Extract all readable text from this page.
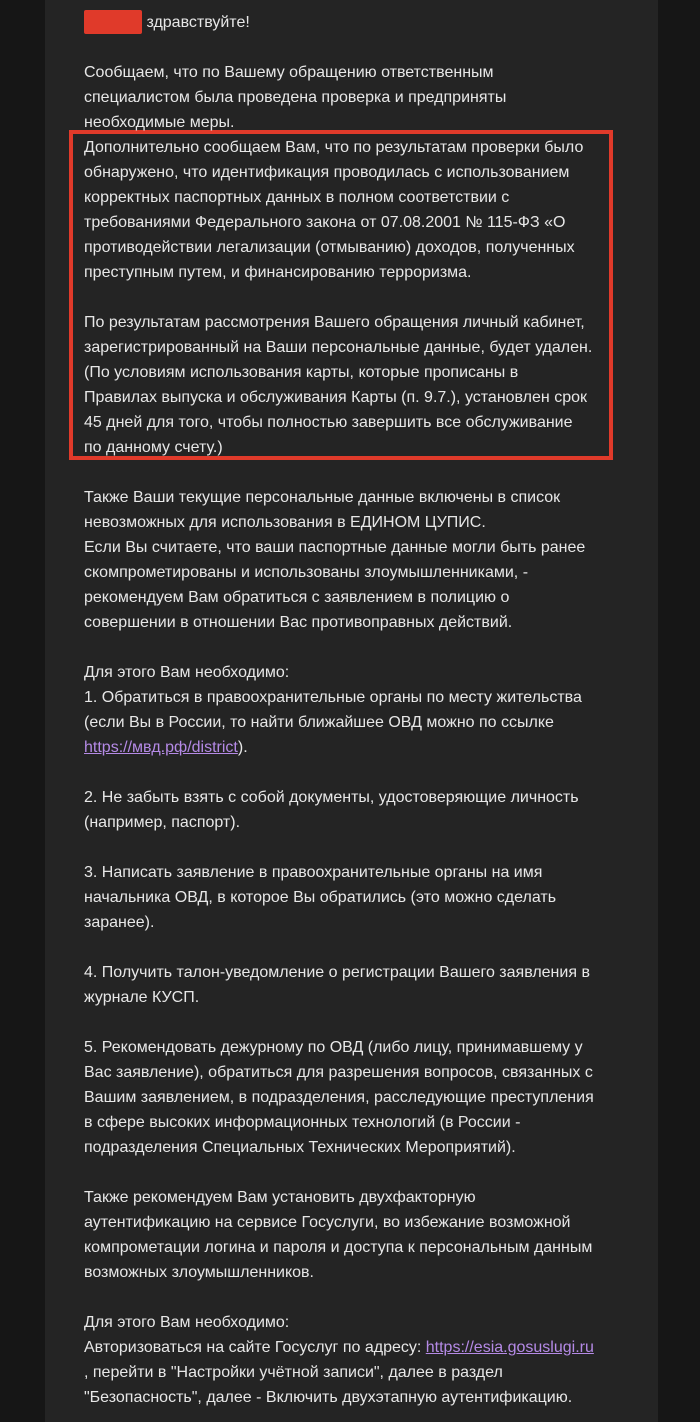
здравствуйте!
Сообщаем, что по Вашему обращению ответственным
специалистом была проведена проверка и предприняты
необходимые меры.
Дополнительно сообщаем Вам, что по результатам проверки было
обнаружено, что идентификация проводилась с использованием
корректных паспортных данных в полном соответствии с
требованиями Федерального закона от 07.08.2001 № 115-ФЗ «О
противодействии легализации (отмыванию) доходов, полученных
преступным путем, и финансированию терроризма.
По результатам рассмотрения Вашего обращения личный кабинет,
зарегистрированный на Ваши персональные данные, будет удален.
(По условиям использования карты, которые прописаны в
Правилах выпуска и обслуживания Карты (п. 9.7.), установлен срок
45 дней для того, чтобы полностью завершить все обслуживание
по данному счету.)
Также Ваши текущие персональные данные включены в список
невозможных для использования в ЕДИНОМ ЦУПИС.
Если Вы считаете, что ваши паспортные данные могли быть ранее
скомпрометированы и использованы злоумышленниками, -
рекомендуем Вам обратиться с заявлением в полицию о
совершении в отношении Вас противоправных действий.
Для этого Вам необходимо:
1. Обратиться в правоохранительные органы по месту жительства
(если Вы в России, то найти ближайшее ОВД можно по ссылке
https://мвд.рф/district).
2. Не забыть взять с собой документы, удостоверяющие личность
(например, паспорт).
3. Написать заявление в правоохранительные органы на имя
начальника ОВД, в которое Вы обратились (это можно сделать
заранее).
4. Получить талон-уведомление о регистрации Вашего заявления в
журнале КУСП.
5. Рекомендовать дежурному по ОВД (либо лицу, принимавшему у
Вас заявление), обратиться для разрешения вопросов, связанных с
Вашим заявлением, в подразделения, расследующие преступления
в сфере высоких информационных технологий (в России -
подразделения Специальных Технических Мероприятий).
Также рекомендуем Вам установить двухфакторную
аутентификацию на сервисе Госуслуги, во избежание возможной
компрометации логина и пароля и доступа к персональным данным
возможных злоумышленников.
Для этого Вам необходимо:
Авторизоваться на сайте Госуслуг по адресу: https://esia.gosuslugi.ru
, перейти в "Настройки учётной записи", далее в раздел
"Безопасность", далее - Включить двухэтапную аутентификацию.
